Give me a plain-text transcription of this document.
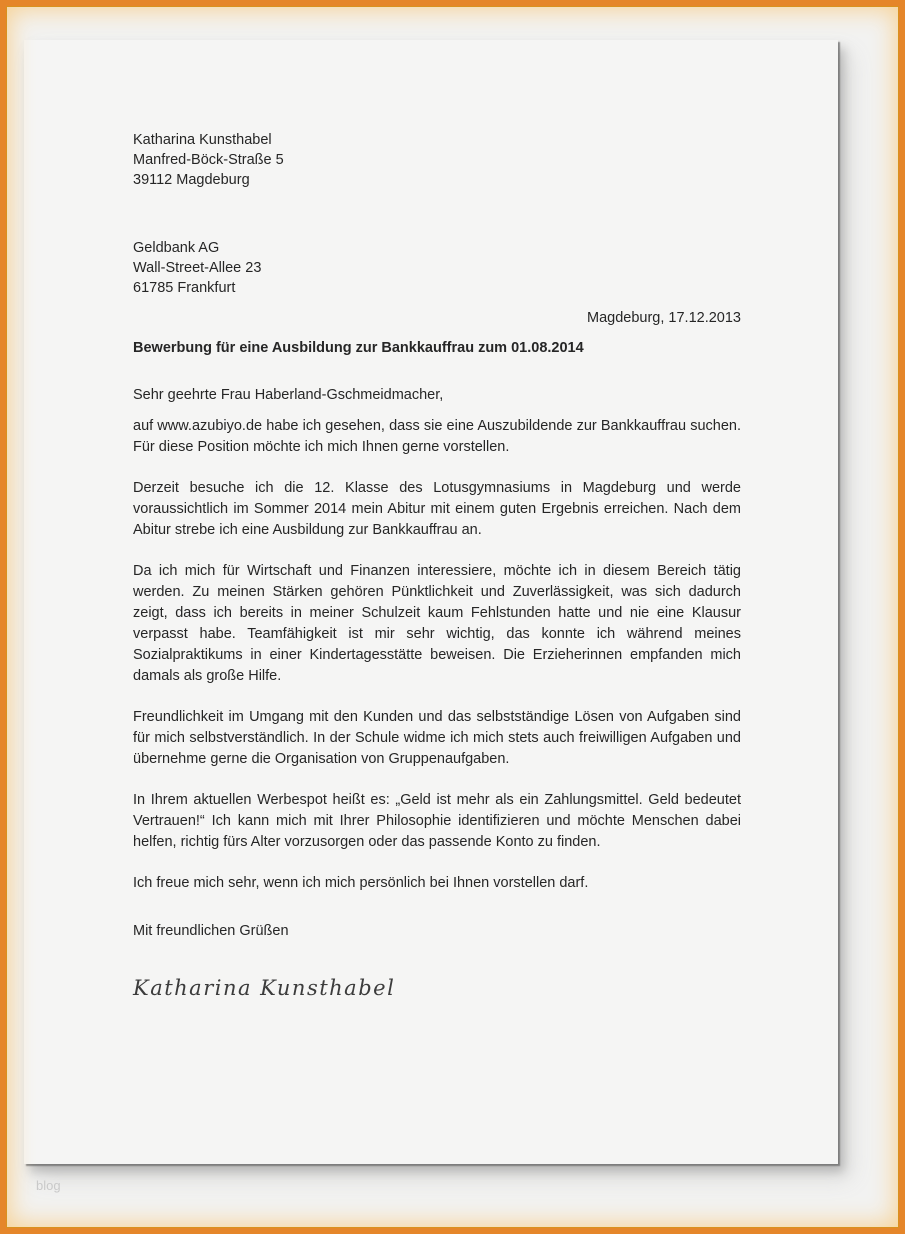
Katharina Kunsthabel
Manfred-Böck-Straße 5
39112 Magdeburg
Geldbank AG
Wall-Street-Allee 23
61785 Frankfurt
Magdeburg, 17.12.2013
Bewerbung für eine Ausbildung zur Bankkauffrau zum 01.08.2014
Sehr geehrte Frau Haberland-Gschmeidmacher,

auf www.azubiyo.de habe ich gesehen, dass sie eine Auszubildende zur Bankkauffrau suchen. Für diese Position möchte ich mich Ihnen gerne vorstellen.

Derzeit besuche ich die 12. Klasse des Lotusgymnasiums in Magdeburg und werde voraussichtlich im Sommer 2014 mein Abitur mit einem guten Ergebnis erreichen. Nach dem Abitur strebe ich eine Ausbildung zur Bankkauffrau an.

Da ich mich für Wirtschaft und Finanzen interessiere, möchte ich in diesem Bereich tätig werden. Zu meinen Stärken gehören Pünktlichkeit und Zuverlässigkeit, was sich dadurch zeigt, dass ich bereits in meiner Schulzeit kaum Fehlstunden hatte und nie eine Klausur verpasst habe. Teamfähigkeit ist mir sehr wichtig, das konnte ich während meines Sozialpraktikums in einer Kindertagesstätte beweisen. Die Erzieherinnen empfanden mich damals als große Hilfe.

Freundlichkeit im Umgang mit den Kunden und das selbstständige Lösen von Aufgaben sind für mich selbstverständlich. In der Schule widme ich mich stets auch freiwilligen Aufgaben und übernehme gerne die Organisation von Gruppenaufgaben.

In Ihrem aktuellen Werbespot heißt es: „Geld ist mehr als ein Zahlungsmittel. Geld bedeutet Vertrauen!“ Ich kann mich mit Ihrer Philosophie identifizieren und möchte Menschen dabei helfen, richtig fürs Alter vorzusorgen oder das passende Konto zu finden.

Ich freue mich sehr, wenn ich mich persönlich bei Ihnen vorstellen darf.
Mit freundlichen Grüßen
Katharina Kunsthabel
blog
